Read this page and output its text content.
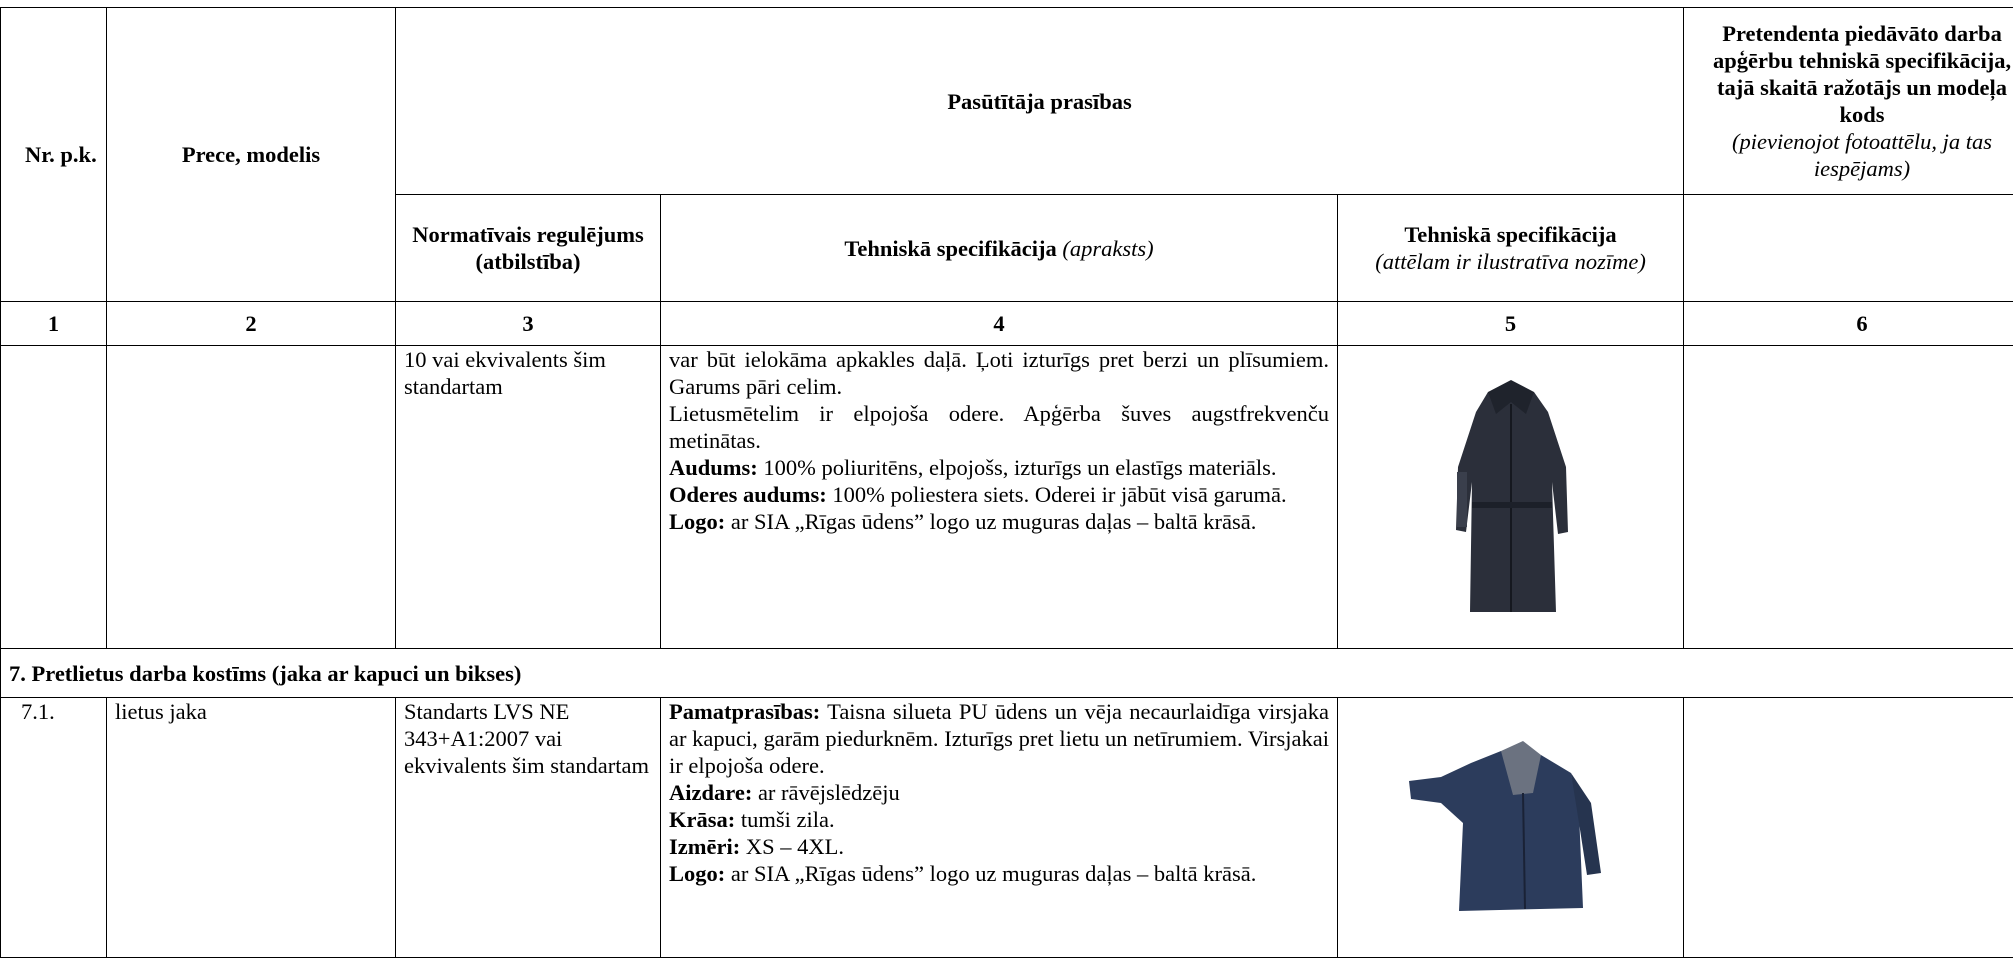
Nr. p.k.	Prece, modelis	Pasūtītāja prasības			Pretendenta piedāvāto darba apģērbu tehniskā specifikācija, tajā skaitā ražotājs un modeļa kods
(pievienojot fotoattēlu, ja tas iespējams)

		Normatīvais regulējums (atbilstība)	Tehniskā specifikācija (apraksts)	Tehniskā specifikācija
(attēlam ir ilustratīva nozīme)	

1	2	3	4	5	6
		10 vai ekvivalents šim standartam	var būt ielokāma apkakles daļā. Ļoti izturīgs pret berzi un plīsumiem. Garums pāri celim.

Lietusmētelim ir elpojoša odere. Apģērba šuves augstfrekvenču metinātas.

Audums: 100% poliuritēns, elpojošs, izturīgs un elastīgs materiāls.

Oderes audums: 100% poliestera siets. Oderei ir jābūt visā garumā.

Logo: ar SIA „Rīgas ūdens” logo uz muguras daļas – baltā krāsā.

7. Pretlietus darba kostīms (jaka ar kapuci un bikses)					
7.1.	lietus jaka	Standarts LVS NE 343+A1:2007 vai ekvivalents šim standartam	Pamatprasības: Taisna silueta PU ūdens un vēja necaurlaidīga virsjaka ar kapuci, garām piedurknēm. Izturīgs pret lietu un netīrumiem. Virsjakai ir elpojoša odere.

Aizdare: ar rāvējslēdzēju

Krāsa: tumši zila.

Izmēri: XS – 4XL.

Logo: ar SIA „Rīgas ūdens” logo uz muguras daļas – baltā krāsā.
